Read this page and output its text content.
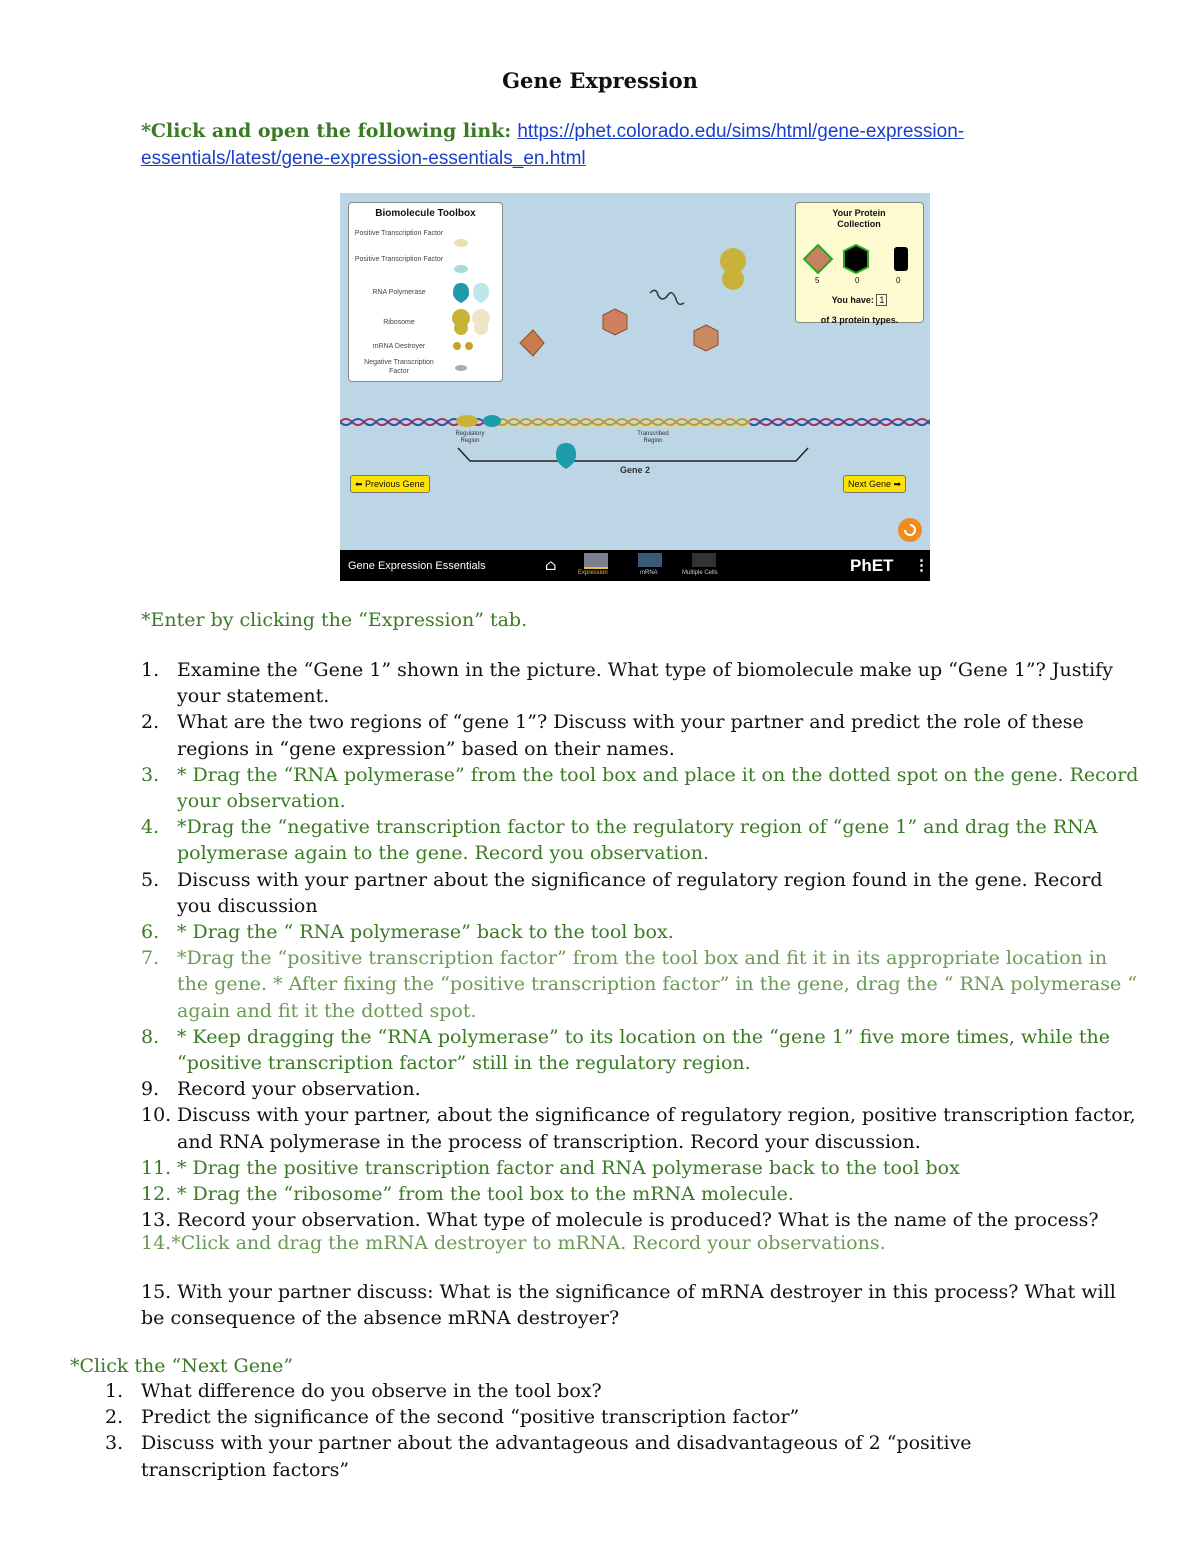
Gene Expression
*Click and open the following link: https://phet.colorado.edu/sims/html/gene-expression-essentials/latest/gene-expression-essentials_en.html
Biomolecule Toolbox
Positive Transcription Factor
Positive Transcription Factor
RNA Polymerase
Ribosome
mRNA Destroyer
Negative Transcription Factor
Your Protein Collection
5	0	0
You have: 1
of 3 protein types.
Regulatory Region
Transcribed Region
Gene 2
⬅ Previous Gene	Next Gene ➡
Gene Expression Essentials	⌂	Expression	mRNA	Multiple Cells	PhET ⋮
*Enter by clicking the “Expression” tab.
1. Examine the “Gene 1” shown in the picture. What type of biomolecule make up “Gene 1”? Justify your statement.
2. What are the two regions of “gene 1”? Discuss with your partner and predict the role of these regions in “gene expression” based on their names.
3. * Drag the “RNA polymerase” from the tool box and place it on the dotted spot on the gene. Record your observation.
4. *Drag the “negative transcription factor to the regulatory region of “gene 1” and drag the RNA polymerase again to the gene. Record you observation.
5. Discuss with your partner about the significance of regulatory region found in the gene. Record you discussion
6. * Drag the “ RNA polymerase” back to the tool box.
7. *Drag the “positive transcription factor” from the tool box and fit it in its appropriate location in the gene. * After fixing the “positive transcription factor” in the gene, drag the “ RNA polymerase “ again and fit it the dotted spot.
8. * Keep dragging the “RNA polymerase” to its location on the “gene 1” five more times, while the “positive transcription factor” still in the regulatory region.
9. Record your observation.
10. Discuss with your partner, about the significance of regulatory region, positive transcription factor, and RNA polymerase in the process of transcription. Record your discussion.
11. * Drag the positive transcription factor and RNA polymerase back to the tool box
12. * Drag the “ribosome” from the tool box to the mRNA molecule.
13. Record your observation. What type of molecule is produced? What is the name of the process?
14.*Click and drag the mRNA destroyer to mRNA. Record your observations.
15. With your partner discuss: What is the significance of mRNA destroyer in this process? What will be consequence of the absence mRNA destroyer?
*Click the “Next Gene”
1. What difference do you observe in the tool box?
2. Predict the significance of the second “positive transcription factor”
3. Discuss with your partner about the advantageous and disadvantageous of 2 “positive transcription factors”
